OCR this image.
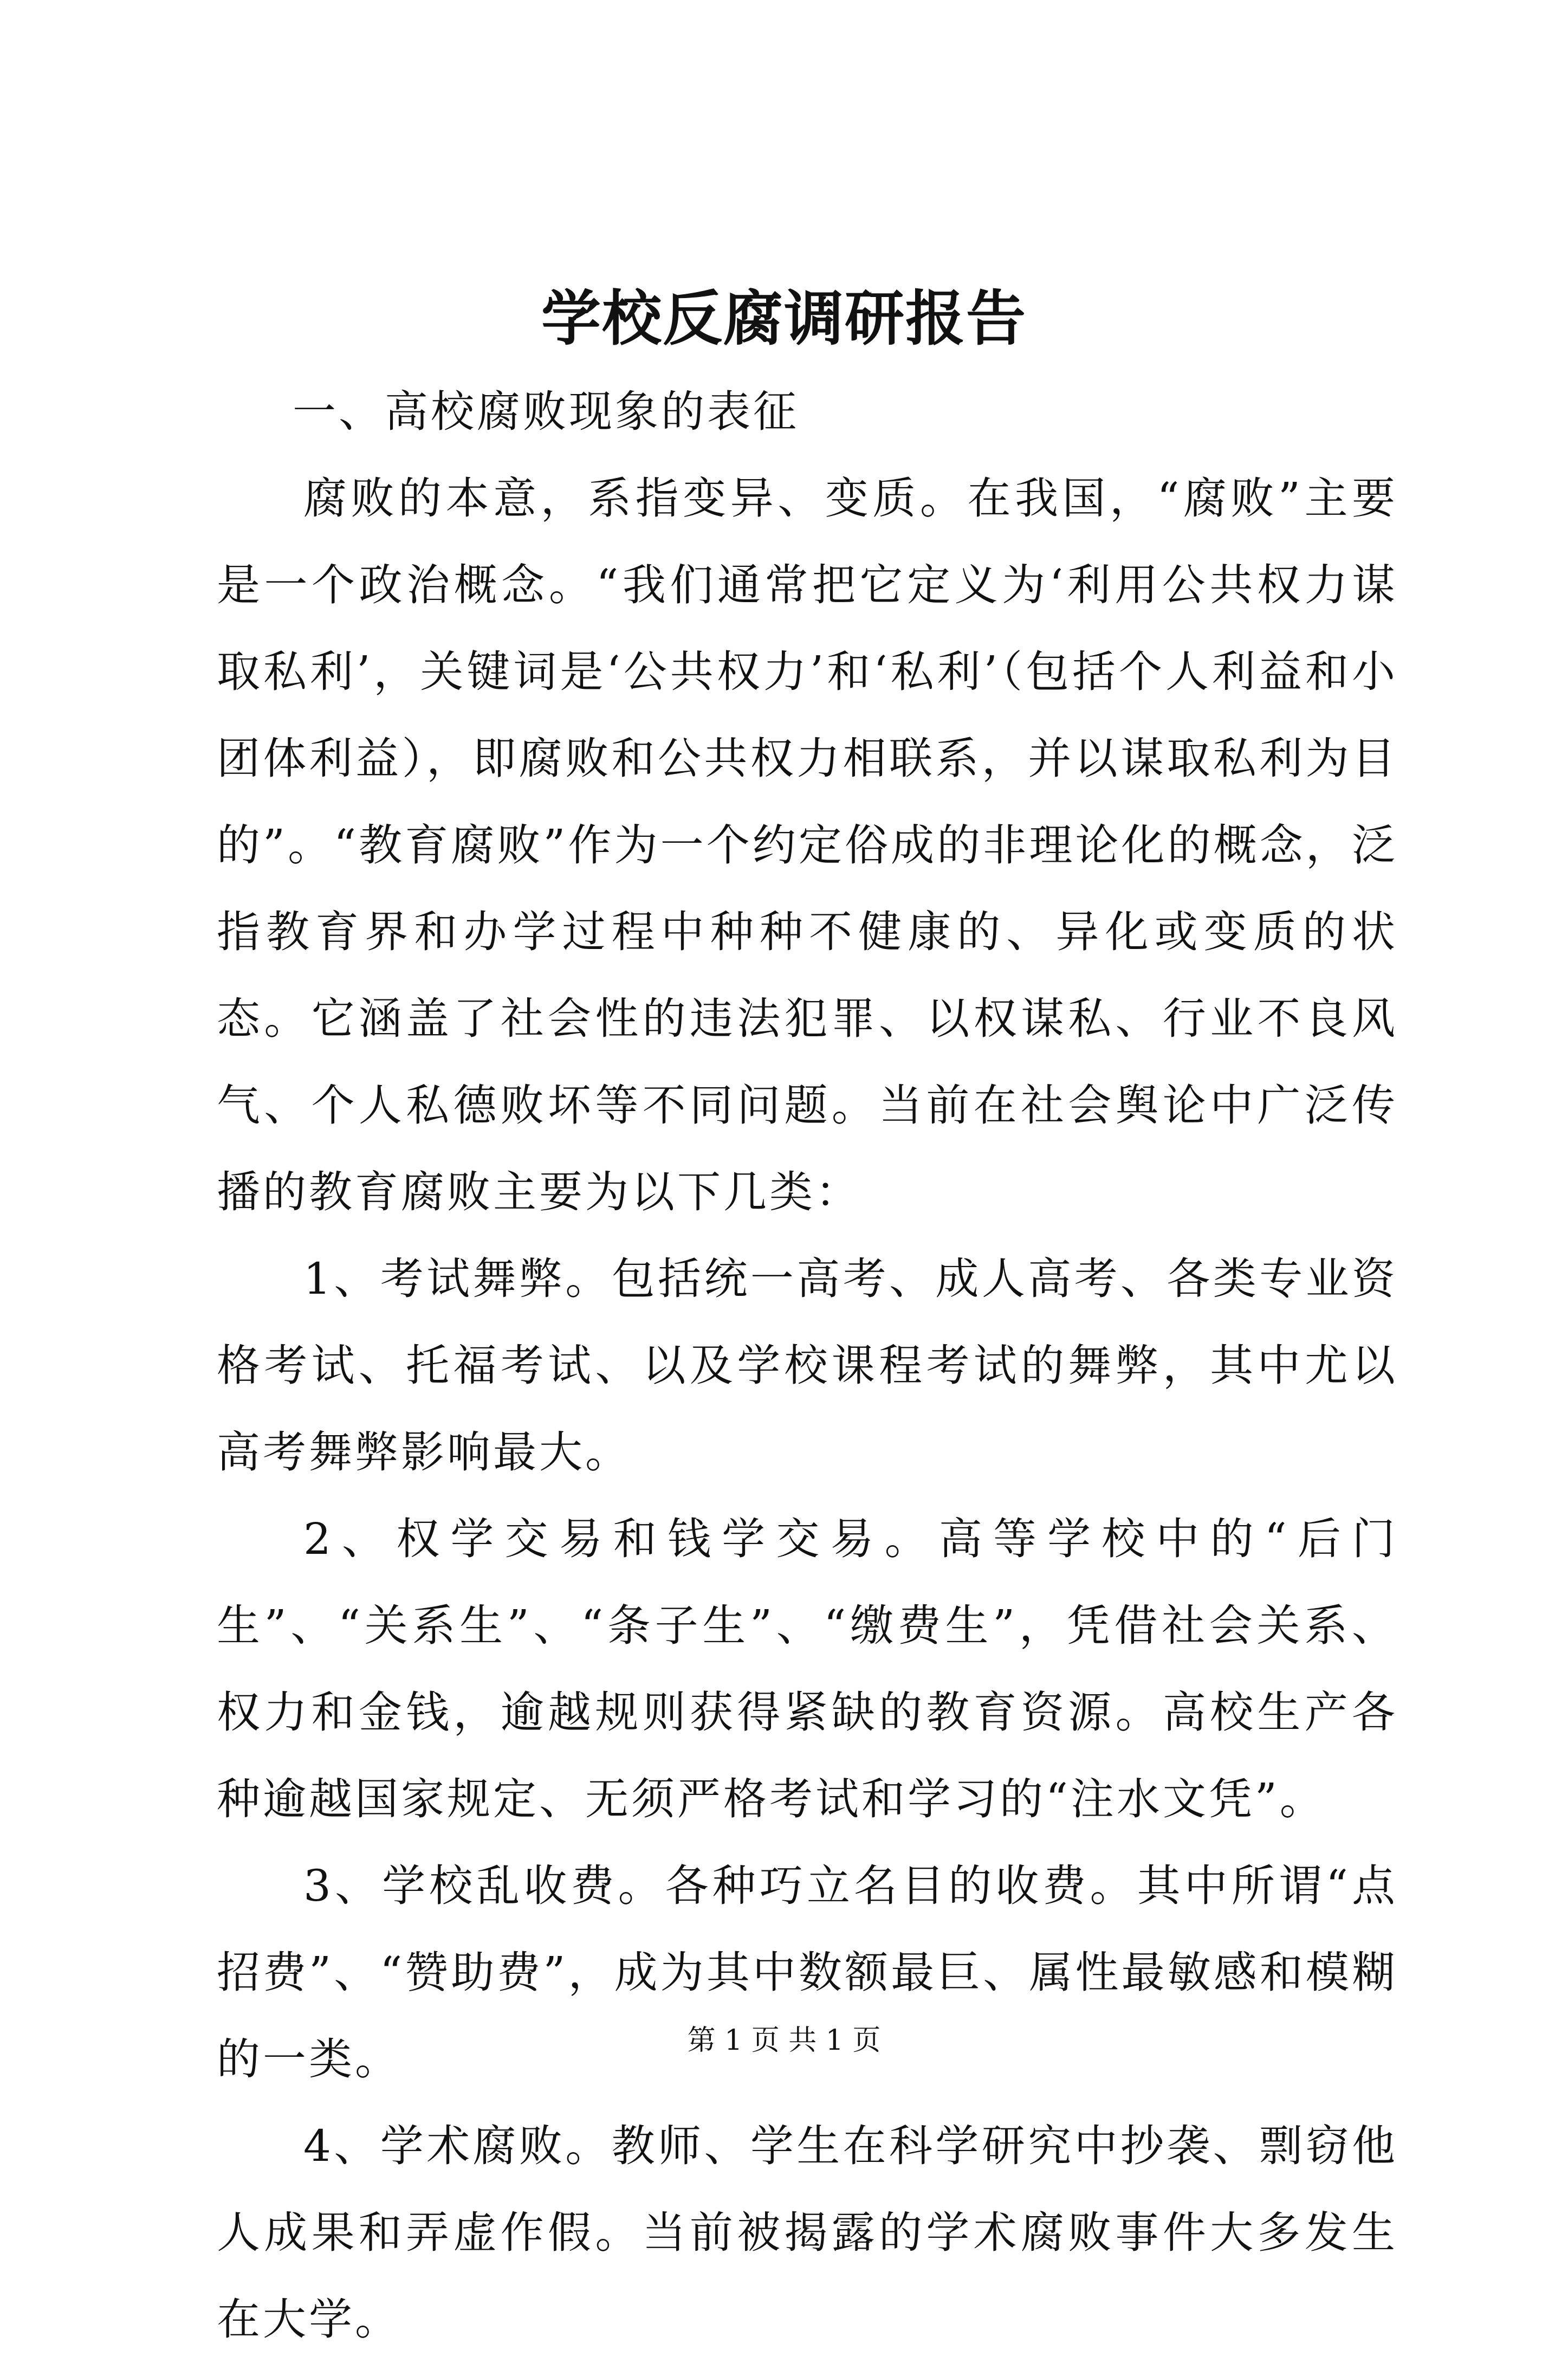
学校反腐调研报告

一、高校腐败现象的表征

腐败的本意，系指变异、变质。在我国，“腐败”主要是一个政治概念。“我们通常把它定义为‘利用公共权力谋取私利’，关键词是‘公共权力’和‘私利’（包括个人利益和小团体利益），即腐败和公共权力相联系，并以谋取私利为目的”。“教育腐败”作为一个约定俗成的非理论化的概念，泛指教育界和办学过程中种种不健康的、异化或变质的状态。它涵盖了社会性的违法犯罪、以权谋私、行业不良风气、个人私德败坏等不同问题。当前在社会舆论中广泛传播的教育腐败主要为以下几类：

1、考试舞弊。包括统一高考、成人高考、各类专业资格考试、托福考试、以及学校课程考试的舞弊，其中尤以高考舞弊影响最大。

2、权学交易和钱学交易。高等学校中的“后门生”、“关系生”、“条子生”、“缴费生”，凭借社会关系、权力和金钱，逾越规则获得紧缺的教育资源。高校生产各种逾越国家规定、无须严格考试和学习的“注水文凭”。

3、学校乱收费。各种巧立名目的收费。其中所谓“点招费”、“赞助费”，成为其中数额最巨、属性最敏感和模糊的一类。

4、学术腐败。教师、学生在科学研究中抄袭、剽窃他人成果和弄虚作假。当前被揭露的学术腐败事件大多发生在大学。

第 1 页 共 1 页
